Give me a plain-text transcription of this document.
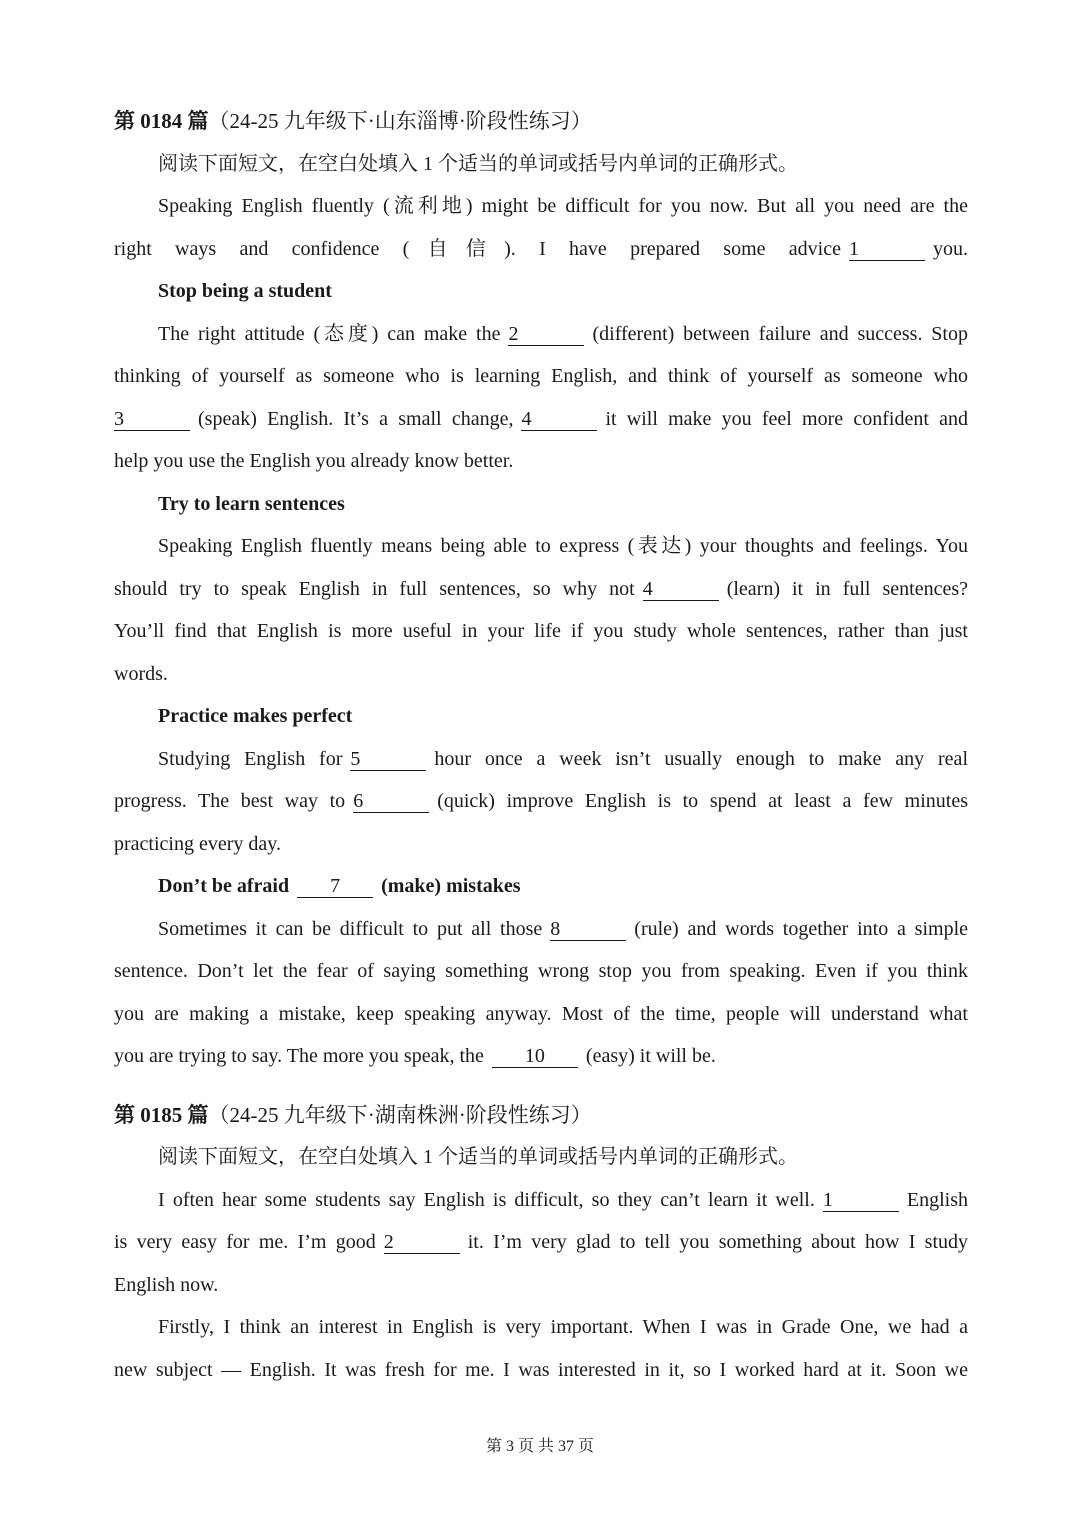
第 0184 篇（24-25 九年级下·山东淄博·阶段性练习）
阅读下面短文，在空白处填入 1 个适当的单词或括号内单词的正确形式。
Speaking English fluently (流利地) might be difficult for you now. But all you need are the
right ways and confidence (自信). I have prepared some advice 1	you.
Stop being a student
The right attitude (态度) can make the 2	(different) between failure and success. Stop
thinking of yourself as someone who is learning English, and think of yourself as someone who
3	(speak) English. It’s a small change, 4	it will make you feel more confident and
help you use the English you already know better.
Try to learn sentences
Speaking English fluently means being able to express (表达) your thoughts and feelings. You
should try to speak English in full sentences, so why not 4	(learn) it in full sentences?
You’ll find that English is more useful in your life if you study whole sentences, rather than just
words.
Practice makes perfect
Studying English for 5	hour once a week isn’t usually enough to make any real
progress. The best way to 6	(quick) improve English is to spend at least a few minutes
practicing every day.
Don’t be afraid 7 (make) mistakes
Sometimes it can be difficult to put all those 8	(rule) and words together into a simple
sentence. Don’t let the fear of saying something wrong stop you from speaking. Even if you think
you are making a mistake, keep speaking anyway. Most of the time, people will understand what
you are trying to say. The more you speak, the 10 (easy) it will be.
第 0185 篇（24-25 九年级下·湖南株洲·阶段性练习）
阅读下面短文，在空白处填入 1 个适当的单词或括号内单词的正确形式。
I often hear some students say English is difficult, so they can’t learn it well. 1	English
is very easy for me. I’m good 2	it. I’m very glad to tell you something about how I study
English now.
Firstly, I think an interest in English is very important. When I was in Grade One, we had a
new subject — English. It was fresh for me. I was interested in it, so I worked hard at it. Soon we
第 3 页 共 37 页
